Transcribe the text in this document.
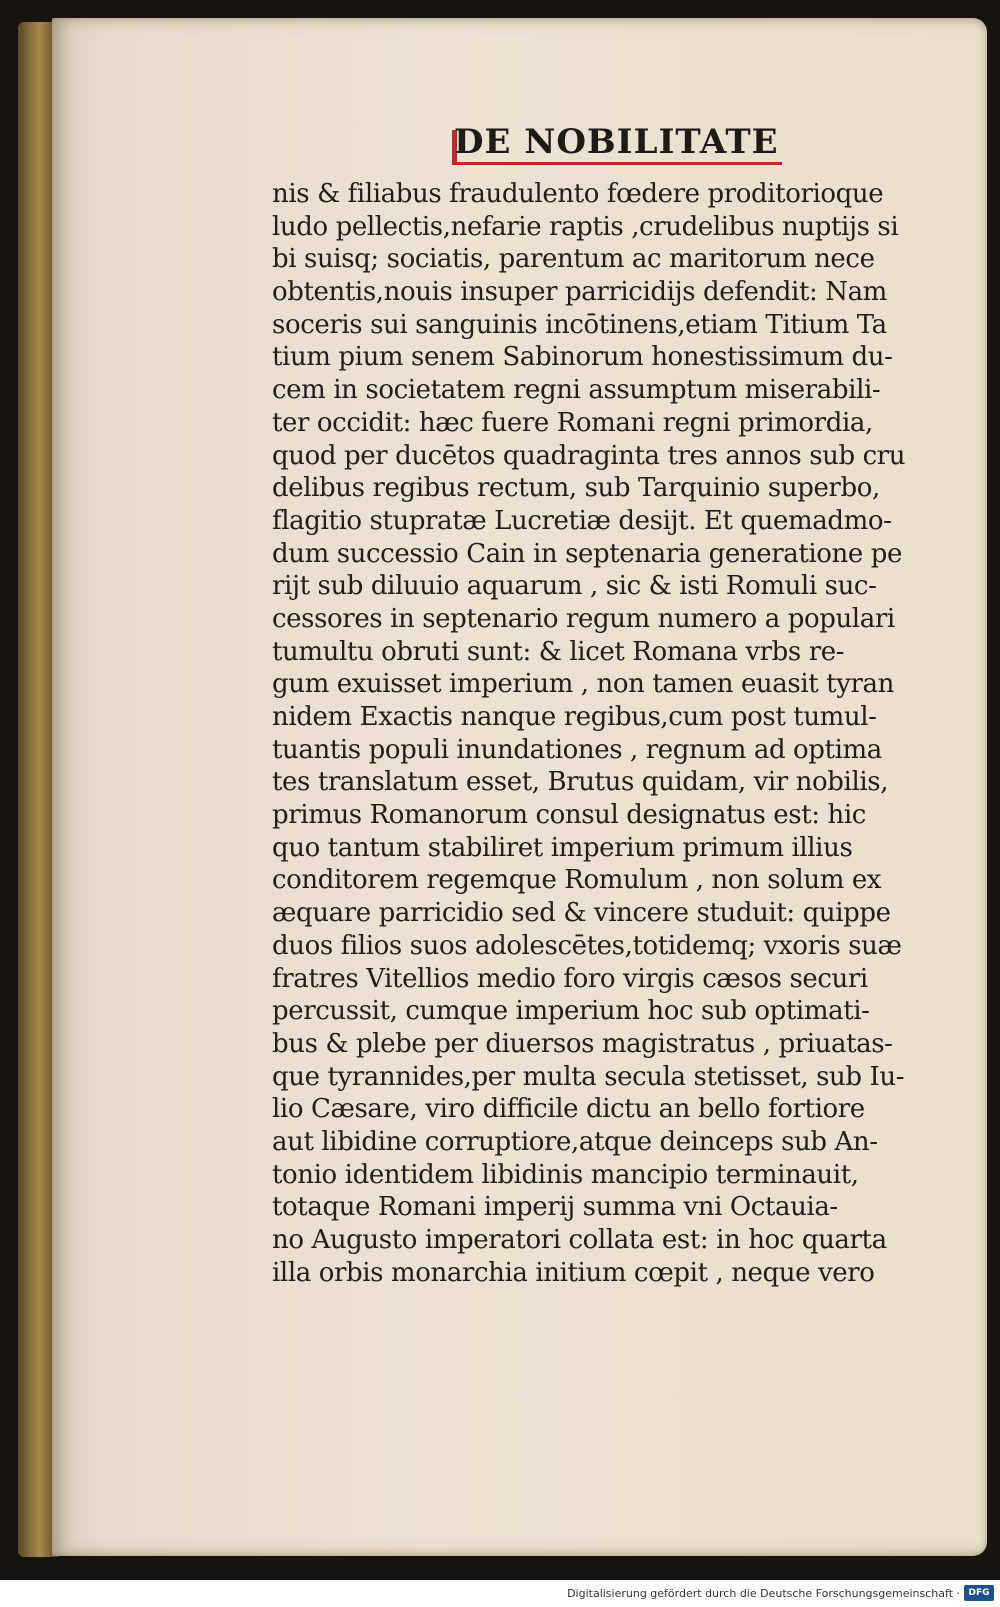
DE NOBILITATE
nis & filiabus fraudulento fœdere proditorioque
ludo pellectis,nefarie raptis ,crudelibus nuptijs si
bi suisq; sociatis, parentum ac maritorum nece
obtentis,nouis insuper parricidijs defendit: Nam
soceris sui sanguinis incōtinens,etiam Titium Ta
tium pium senem Sabinorum honestissimum du-
cem in societatem regni assumptum miserabili-
ter occidit: hæc fuere Romani regni primordia,
quod per ducētos quadraginta tres annos sub cru
delibus regibus rectum, sub Tarquinio superbo,
flagitio stupratæ Lucretiæ desijt. Et quemadmo-
dum successio Cain in septenaria generatione pe
rijt sub diluuio aquarum , sic & isti Romuli suc-
cessores in septenario regum numero a populari
tumultu obruti sunt: & licet Romana vrbs re-
gum exuisset imperium , non tamen euasit tyran
nidem Exactis nanque regibus,cum post tumul-
tuantis populi inundationes , regnum ad optima
tes translatum esset, Brutus quidam, vir nobilis,
primus Romanorum consul designatus est: hic
quo tantum stabiliret imperium primum illius
conditorem regemque Romulum , non solum ex
æquare parricidio sed & vincere studuit: quippe
duos filios suos adolescētes,totidemq; vxoris suæ
fratres Vitellios medio foro virgis cæsos securi
percussit, cumque imperium hoc sub optimati-
bus & plebe per diuersos magistratus , priuatas-
que tyrannides,per multa secula stetisset, sub Iu-
lio Cæsare, viro difficile dictu an bello fortiore
aut libidine corruptiore,atque deinceps sub An-
tonio identidem libidinis mancipio terminauit,
totaque Romani imperij summa vni Octauia-
no Augusto imperatori collata est: in hoc quarta
illa orbis monarchia initium cœpit , neque vero
Digitalisierung gefördert durch die Deutsche Forschungsgemeinschaft · DFG
